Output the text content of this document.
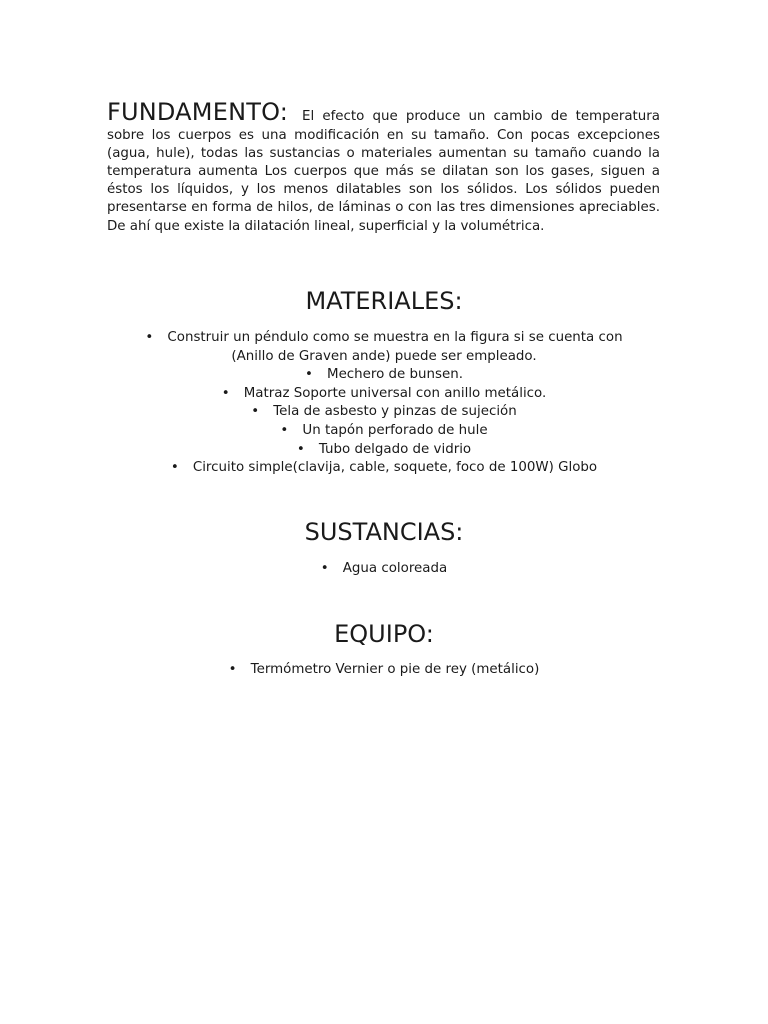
FUNDAMENTO: El efecto que produce un cambio de temperatura sobre los cuerpos es una modificación en su tamaño. Con pocas excepciones (agua, hule), todas las sustancias o materiales aumentan su tamaño cuando la temperatura aumenta Los cuerpos que más se dilatan son los gases, siguen a éstos los líquidos, y los menos dilatables son los sólidos. Los sólidos pueden presentarse en forma de hilos, de láminas o con las tres dimensiones apreciables. De ahí que existe la dilatación lineal, superficial y la volumétrica.

MATERIALES:
• Construir un péndulo como se muestra en la figura si se cuenta con (Anillo de Graven ande) puede ser empleado.
• Mechero de bunsen.
• Matraz Soporte universal con anillo metálico.
• Tela de asbesto y pinzas de sujeción
• Un tapón perforado de hule
• Tubo delgado de vidrio
• Circuito simple(clavija, cable, soquete, foco de 100W) Globo
SUSTANCIAS:
• Agua coloreada
EQUIPO:
• Termómetro Vernier o pie de rey (metálico)
